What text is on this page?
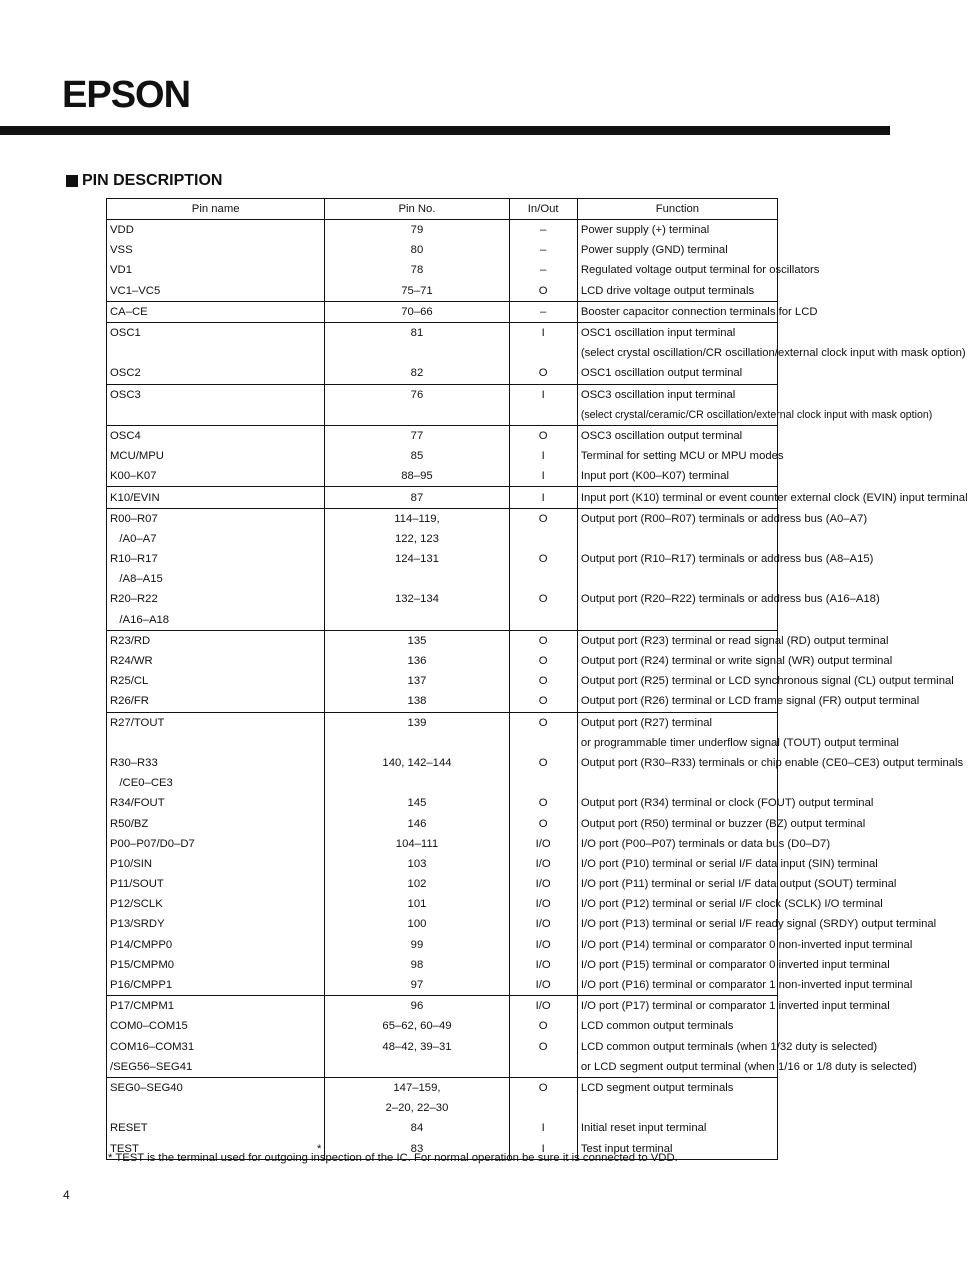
EPSON
PIN DESCRIPTION
Pin name	Pin No.	In/Out	Function
VDD	79	–	Power supply (+) terminal
VSS	80	–	Power supply (GND) terminal
VD1	78	–	Regulated voltage output terminal for oscillators
VC1–VC5	75–71	O	LCD drive voltage output terminals
CA–CE	70–66	–	Booster capacitor connection terminals for LCD
OSC1	81	I	OSC1 oscillation input terminal
			(select crystal oscillation/CR oscillation/external clock input with mask option)
OSC2	82	O	OSC1 oscillation output terminal
OSC3	76	I	OSC3 oscillation input terminal
			(select crystal/ceramic/CR oscillation/external clock input with mask option)
OSC4	77	O	OSC3 oscillation output terminal
MCU/MPU	85	I	Terminal for setting MCU or MPU modes
K00–K07	88–95	I	Input port (K00–K07) terminal
K10/EVIN	87	I	Input port (K10) terminal or event counter external clock (EVIN) input terminal
R00–R07	114–119,	O	Output port (R00–R07) terminals or address bus (A0–A7)
/A0–A7	122, 123		
R10–R17	124–131	O	Output port (R10–R17) terminals or address bus (A8–A15)
/A8–A15			
R20–R22	132–134	O	Output port (R20–R22) terminals or address bus (A16–A18)
/A16–A18			
R23/RD	135	O	Output port (R23) terminal or read signal (RD) output terminal
R24/WR	136	O	Output port (R24) terminal or write signal (WR) output terminal
R25/CL	137	O	Output port (R25) terminal or LCD synchronous signal (CL) output terminal
R26/FR	138	O	Output port (R26) terminal or LCD frame signal (FR) output terminal
R27/TOUT	139	O	Output port (R27) terminal
			or programmable timer underflow signal (TOUT) output terminal
R30–R33	140, 142–144	O	Output port (R30–R33) terminals or chip enable (CE0–CE3) output terminals
/CE0–CE3			
R34/FOUT	145	O	Output port (R34) terminal or clock (FOUT) output terminal
R50/BZ	146	O	Output port (R50) terminal or buzzer (BZ) output terminal
P00–P07/D0–D7	104–111	I/O	I/O port (P00–P07) terminals or data bus (D0–D7)
P10/SIN	103	I/O	I/O port (P10) terminal or serial I/F data input (SIN) terminal
P11/SOUT	102	I/O	I/O port (P11) terminal or serial I/F data output (SOUT) terminal
P12/SCLK	101	I/O	I/O port (P12) terminal or serial I/F clock (SCLK) I/O terminal
P13/SRDY	100	I/O	I/O port (P13) terminal or serial I/F ready signal (SRDY) output terminal
P14/CMPP0	99	I/O	I/O port (P14) terminal or comparator 0 non-inverted input terminal
P15/CMPM0	98	I/O	I/O port (P15) terminal or comparator 0 inverted input terminal
P16/CMPP1	97	I/O	I/O port (P16) terminal or comparator 1 non-inverted input terminal
P17/CMPM1	96	I/O	I/O port (P17) terminal or comparator 1 inverted input terminal
COM0–COM15	65–62, 60–49	O	LCD common output terminals
COM16–COM31	48–42, 39–31	O	LCD common output terminals (when 1/32 duty is selected)
/SEG56–SEG41			or LCD segment output terminal (when 1/16 or 1/8 duty is selected)
SEG0–SEG40	147–159,	O	LCD segment output terminals
	2–20, 22–30		
RESET	84	I	Initial reset input terminal
TEST *	83	I	Test input terminal
* TEST is the terminal used for outgoing inspection of the IC. For normal operation be sure it is connected to VDD.
4
